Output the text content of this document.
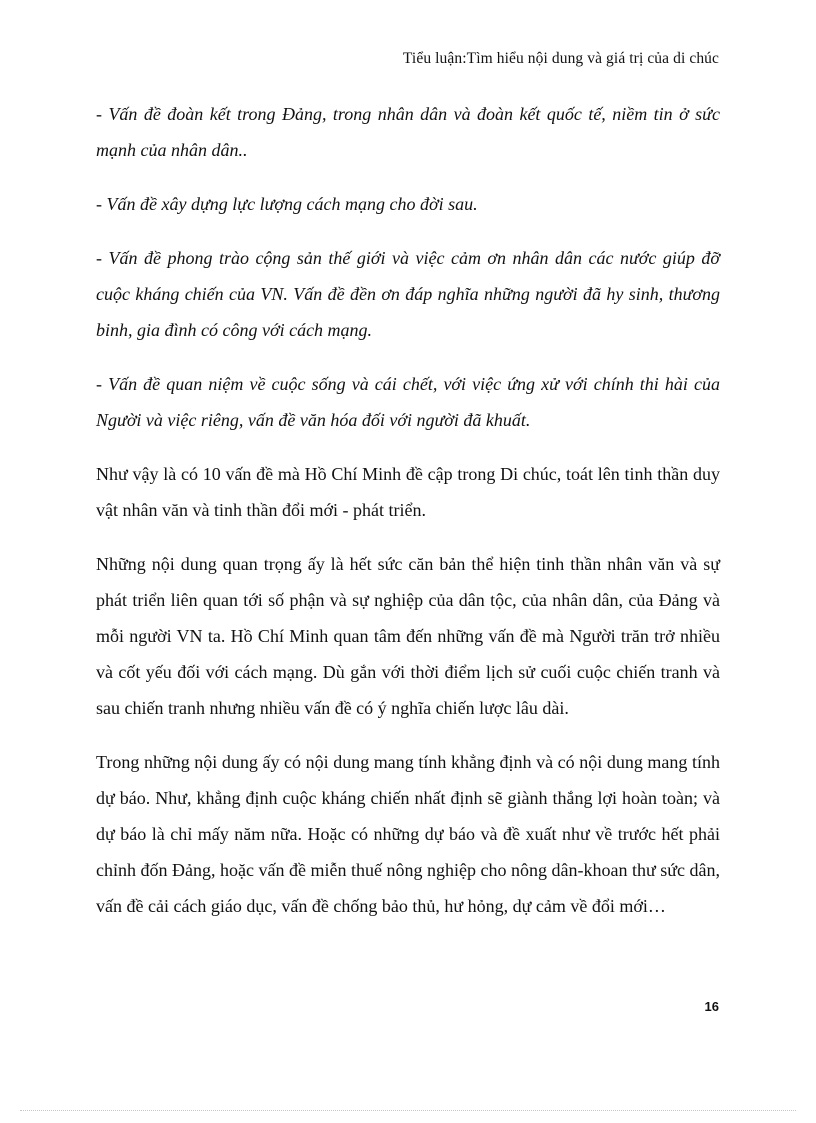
Tiểu luận:Tìm hiểu nội dung và giá trị của di chúc

- Vấn đề đoàn kết trong Đảng, trong nhân dân và đoàn kết quốc tế, niềm tin ở sức mạnh của nhân dân..

- Vấn đề xây dựng lực lượng cách mạng cho đời sau.

- Vấn đề phong trào cộng sản thế giới và việc cảm ơn nhân dân các nước giúp đỡ cuộc kháng chiến của VN. Vấn đề đền ơn đáp nghĩa những người đã hy sinh, thương binh, gia đình có công với cách mạng.

- Vấn đề quan niệm về cuộc sống và cái chết, với việc ứng xử với chính thi hài của Người và việc riêng, vấn đề văn hóa đối với người đã khuất.

Như vậy là có 10 vấn đề mà Hồ Chí Minh đề cập trong Di chúc, toát lên tinh thần duy vật nhân văn và tinh thần đổi mới - phát triển.

Những nội dung quan trọng ấy là hết sức căn bản thể hiện tinh thần nhân văn và sự phát triển liên quan tới số phận và sự nghiệp của dân tộc, của nhân dân, của Đảng và mỗi người VN ta. Hồ Chí Minh quan tâm đến những vấn đề mà Người trăn trở nhiều và cốt yếu đối với cách mạng. Dù gắn với thời điểm lịch sử cuối cuộc chiến tranh và sau chiến tranh nhưng nhiều vấn đề có ý nghĩa chiến lược lâu dài.

Trong những nội dung ấy có nội dung mang tính khẳng định và có nội dung mang tính dự báo. Như, khẳng định cuộc kháng chiến nhất định sẽ giành thắng lợi hoàn toàn; và dự báo là chỉ mấy năm nữa. Hoặc có những dự báo và đề xuất như về trước hết phải chỉnh đốn Đảng, hoặc vấn đề miễn thuế nông nghiệp cho nông dân-khoan thư sức dân, vấn đề cải cách giáo dục, vấn đề chống bảo thủ, hư hỏng, dự cảm về đổi mới…

16
